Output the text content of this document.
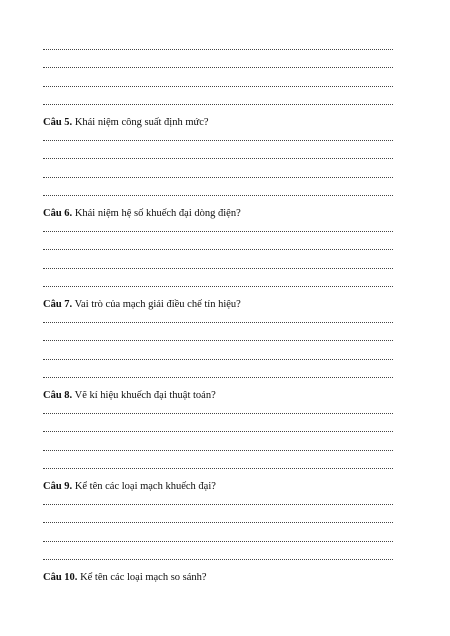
Câu 5. Khái niệm công suất định mức?
Câu 6. Khái niệm hệ số khuếch đại dòng điện?
Câu 7. Vai trò của mạch giải điều chế tín hiệu?
Câu 8. Vẽ kí hiệu khuếch đại thuật toán?
Câu 9. Kể tên các loại mạch khuếch đại?
Câu 10. Kể tên các loại mạch so sánh?
